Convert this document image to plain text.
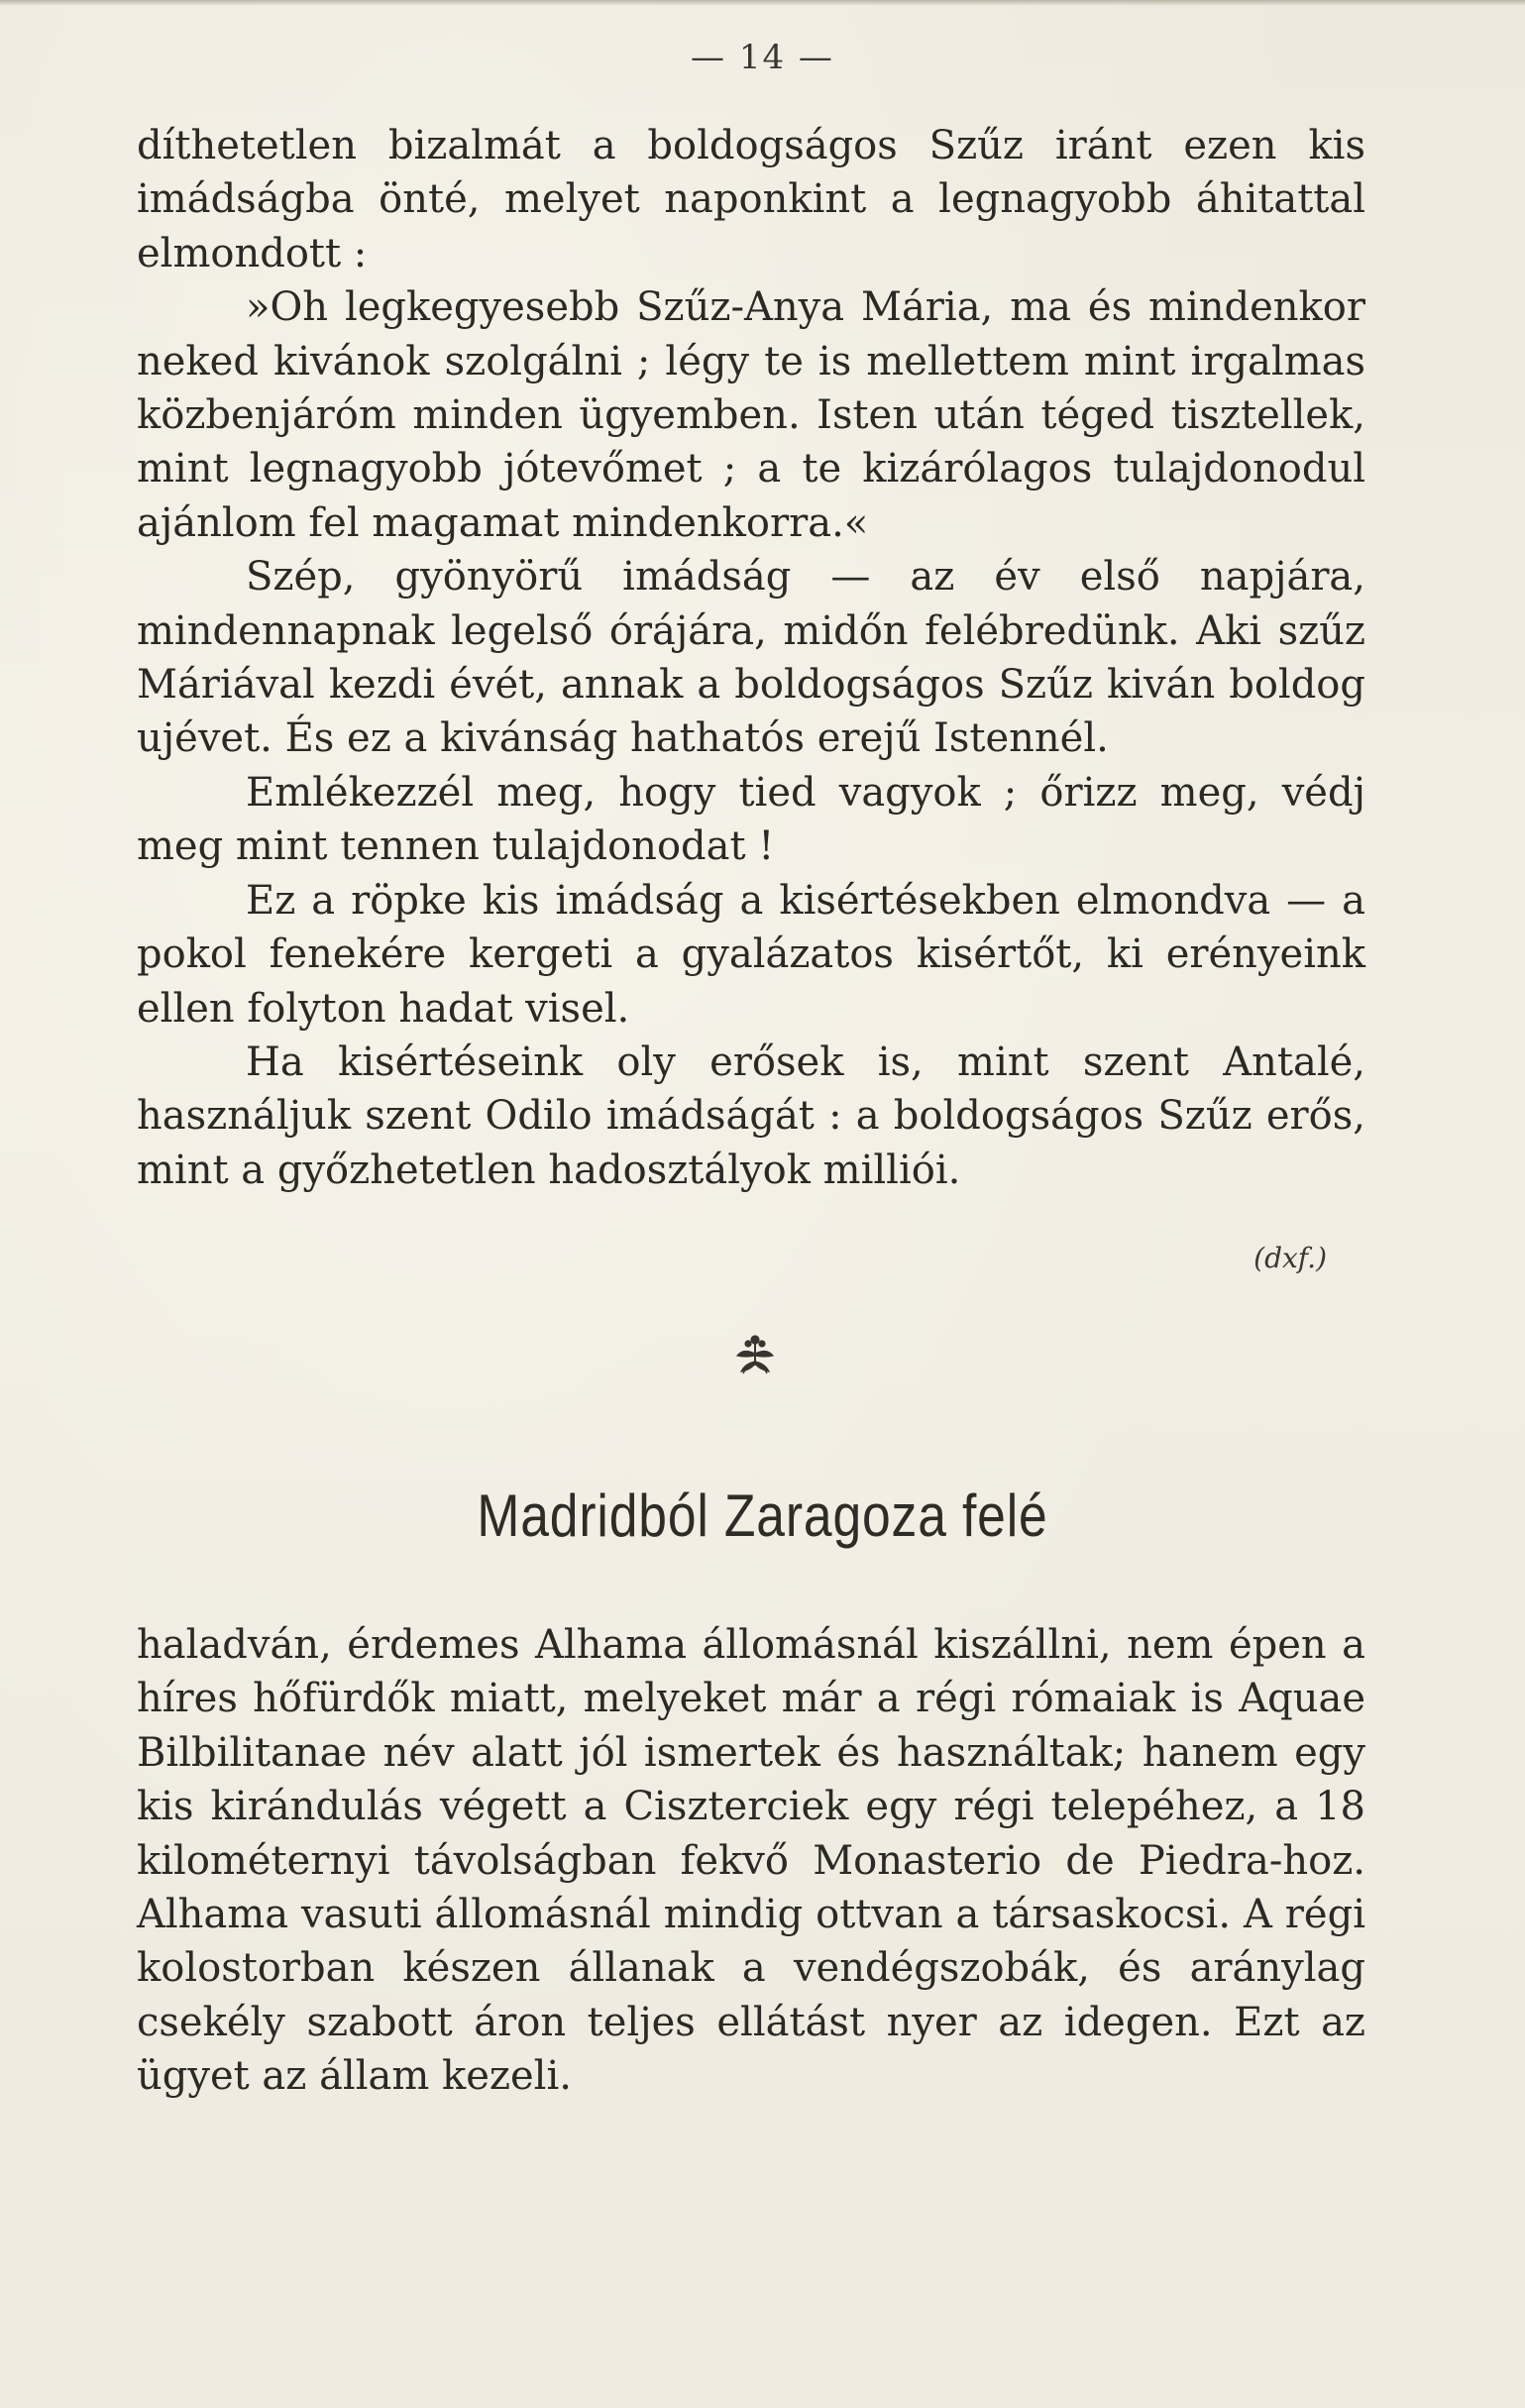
— 14 —

díthetetlen bizalmát a boldogságos Szűz iránt ezen kis imádságba önté, melyet naponkint a legnagyobb áhitattal elmondott :

»Oh legkegyesebb Szűz-Anya Mária, ma és mindenkor neked kivánok szolgálni ; légy te is mellettem mint irgalmas közbenjáróm minden ügyemben. Isten után téged tisztellek, mint legnagyobb jótevőmet ; a te kizárólagos tulajdonodul ajánlom fel magamat mindenkorra.«

Szép, gyönyörű imádság — az év első napjára, mindennapnak legelső órájára, midőn felébredünk. Aki szűz Máriával kezdi évét, annak a boldogságos Szűz kiván boldog ujévet. És ez a kivánság hathatós erejű Istennél.

Emlékezzél meg, hogy tied vagyok ; őrizz meg, védj meg mint tennen tulajdonodat !

Ez a röpke kis imádság a kisértésekben elmondva — a pokol fenekére kergeti a gyalázatos kisértőt, ki erényeink ellen folyton hadat visel.

Ha kisértéseink oly erősek is, mint szent Antalé, használjuk szent Odilo imádságát : a boldogságos Szűz erős, mint a győzhetetlen hadosztályok milliói.

(dxf.)
Madridból Zaragoza felé

haladván, érdemes Alhama állomásnál kiszállni, nem épen a híres hőfürdők miatt, melyeket már a régi rómaiak is Aquae Bilbilitanae név alatt jól ismertek és használtak; hanem egy kis kirándulás végett a Ciszterciek egy régi telepéhez, a 18 kilométernyi távolságban fekvő Monasterio de Piedra-hoz. Alhama vasuti állomásnál mindig ottvan a társaskocsi. A régi kolostorban készen állanak a vendégszobák, és aránylag csekély szabott áron teljes ellátást nyer az idegen. Ezt az ügyet az állam kezeli.
